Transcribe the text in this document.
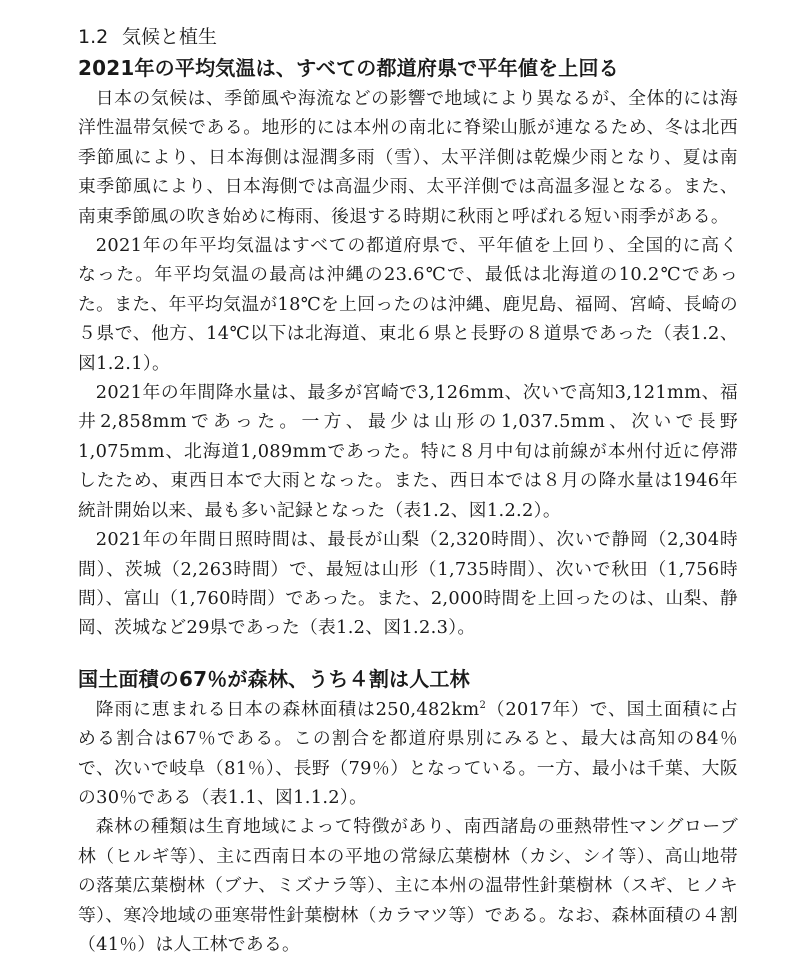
1.2 気候と植生
2021年の平均気温は、すべての都道府県で平年値を上回る

日本の気候は、季節風や海流などの影響で地域により異なるが、全体的には海洋性温帯気候である。地形的には本州の南北に脊梁山脈が連なるため、冬は北西季節風により、日本海側は湿潤多雨（雪）、太平洋側は乾燥少雨となり、夏は南東季節風により、日本海側では高温少雨、太平洋側では高温多湿となる。また、南東季節風の吹き始めに梅雨、後退する時期に秋雨と呼ばれる短い雨季がある。

2021年の年平均気温はすべての都道府県で、平年値を上回り、全国的に高くなった。年平均気温の最高は沖縄の23.6℃で、最低は北海道の10.2℃であった。また、年平均気温が18℃を上回ったのは沖縄、鹿児島、福岡、宮崎、長崎の５県で、他方、14℃以下は北海道、東北６県と長野の８道県であった（表1.2、図1.2.1）。

2021年の年間降水量は、最多が宮崎で3,126mm、次いで高知3,121mm、福井2,858mmであった。一方、最少は山形の1,037.5mm、次いで長野1,075mm、北海道1,089mmであった。特に８月中旬は前線が本州付近に停滞したため、東西日本で大雨となった。また、西日本では８月の降水量は1946年統計開始以来、最も多い記録となった（表1.2、図1.2.2）。

2021年の年間日照時間は、最長が山梨（2,320時間）、次いで静岡（2,304時間）、茨城（2,263時間）で、最短は山形（1,735時間）、次いで秋田（1,756時間）、富山（1,760時間）であった。また、2,000時間を上回ったのは、山梨、静岡、茨城など29県であった（表1.2、図1.2.3）。

国土面積の67％が森林、うち４割は人工林

降雨に恵まれる日本の森林面積は$250,482km^2(2017$年）で、国土面積に占める割合は67％である。この割合を都道府県別にみると、最大は高知の84％で、次いで岐阜（81％）、長野（79％）となっている。一方、最小は千葉、大阪の30％である（表1.1、図1.1.2）。

森林の種類は生育地域によって特徴があり、南西諸島の亜熱帯性マングローブ林（ヒルギ等）、主に西南日本の平地の常緑広葉樹林（カシ、シイ等）、高山地帯の落葉広葉樹林（ブナ、ミズナラ等）、主に本州の温帯性針葉樹林（スギ、ヒノキ等）、寒冷地域の亜寒帯性針葉樹林（カラマツ等）である。なお、森林面積の４割（41％）は人工林である。
